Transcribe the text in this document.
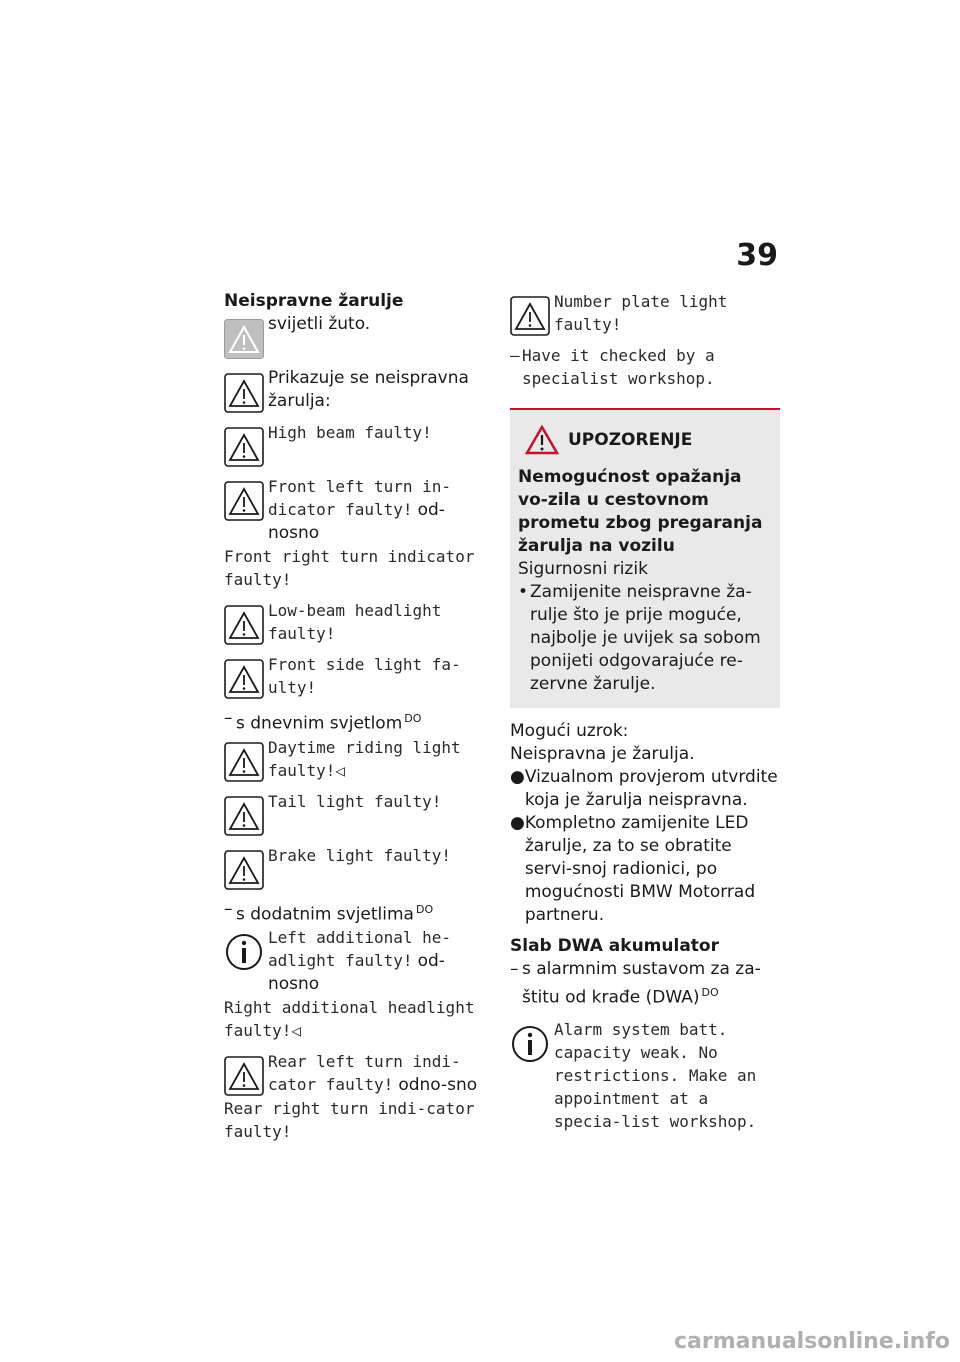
39
Neispravne žarulje
svijetli žuto.
Prikazuje se neispravna žarulja:
High beam faulty!
Front left turn in-dicator faulty! od-nosno
Front right turn indicator faulty!
Low-beam headlight faulty!
Front side light fa-ulty!
– s dnevnim svjetlom $^{DO}$
Daytime riding light faulty!◁
Tail light faulty!
Brake light faulty!
– s dodatnim svjetlima $^{DO}$
Left additional he-adlight faulty! od-nosno
Right additional headlight faulty!◁
Rear left turn indi-cator faulty! odno-sno
Rear right turn indi-cator faulty!
Number plate light faulty!
– Have it checked by a specialist workshop.
UPOZORENJE
Nemogućnost opažanja vo-zila u cestovnom prometu zbog pregaranja žarulja na vozilu
Sigurnosni rizik
• Zamijenite neispravne ža-rulje što je prije moguće, najbolje je uvijek sa sobom ponijeti odgovarajuće re-zervne žarulje.
Mogući uzrok:
Neispravna je žarulja.
● Vizualnom provjerom utvrdite koja je žarulja neispravna.
● Kompletno zamijenite LED žarulje, za to se obratite servi-snoj radionici, po mogućnosti BMW Motorrad partneru.
Slab DWA akumulator
– s alarmnim sustavom za za-štitu od krađe (DWA) $^{DO}$
Alarm system batt. capacity weak. No restrictions. Make an appointment at a specia-list workshop.
carmanualsonline.info
